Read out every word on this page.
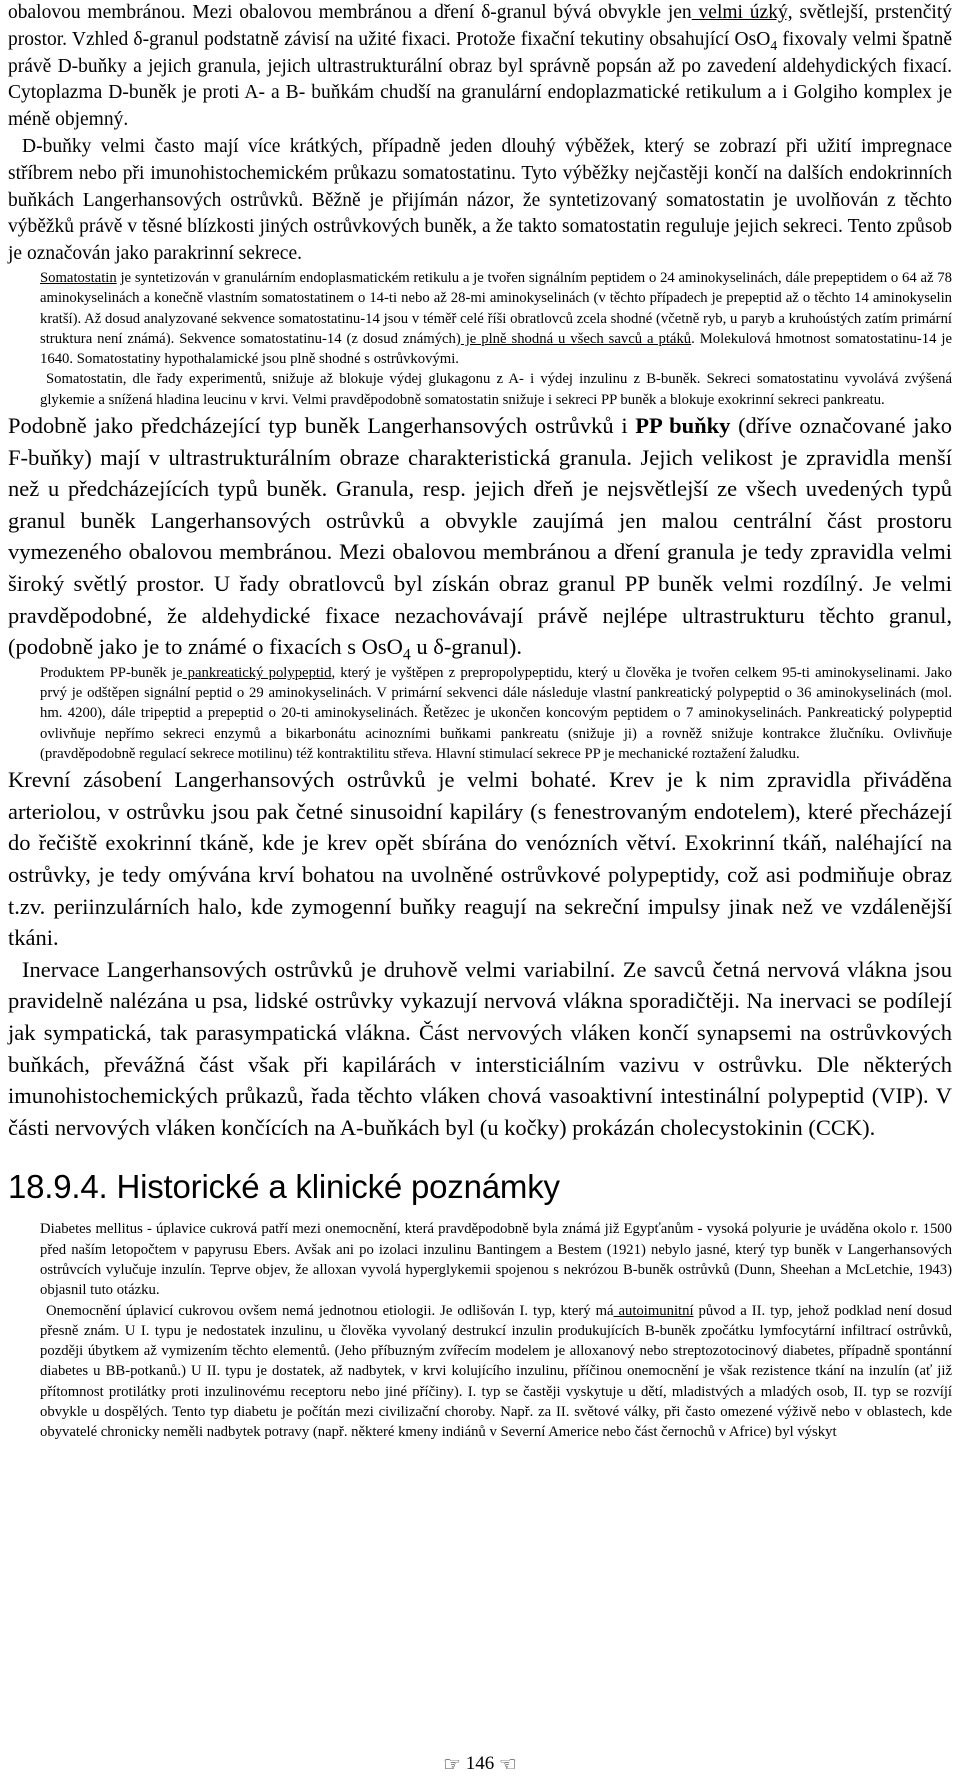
obalovou membránou. Mezi obalovou membránou a dření δ-granul bývá obvykle jen velmi úzký, světlejší, prstenčitý prostor. Vzhled δ-granul podstatně závisí na užité fixaci. Protože fixační tekutiny obsahující OsO$_4$ fixovaly velmi špatně právě D-buňky a jejich granula, jejich ultrastrukturální obraz byl správně popsán až po zavedení aldehydických fixací. Cytoplazma D-buněk je proti A- a B- buňkám chudší na granulární endoplazmatické retikulum a i Golgiho komplex je méně objemný.

D-buňky velmi často mají více krátkých, případně jeden dlouhý výběžek, který se zobrazí při užití impregnace stříbrem nebo při imunohistochemickém průkazu somatostatinu. Tyto výběžky nejčastěji končí na dalších endokrinních buňkách Langerhansových ostrůvků. Běžně je přijímán názor, že syntetizovaný somatostatin je uvolňován z těchto výběžků právě v těsné blízkosti jiných ostrůvkových buněk, a že takto somatostatin reguluje jejich sekreci. Tento způsob je označován jako parakrinní sekrece.

Somatostatin je syntetizován v granulárním endoplasmatickém retikulu a je tvořen signálním peptidem o 24 aminokyselinách, dále prepeptidem o 64 až 78 aminokyselinách a konečně vlastním somatostatinem o 14-ti nebo až 28-mi aminokyselinách (v těchto případech je prepeptid až o těchto 14 aminokyselin kratší). Až dosud analyzované sekvence somatostatinu-14 jsou v téměř celé říši obratlovců zcela shodné (včetně ryb, u paryb a kruhoústých zatím primární struktura není známá). Sekvence somatostatinu-14 (z dosud známých) je plně shodná u všech savců a ptáků. Molekulová hmotnost somatostatinu-14 je 1640. Somatostatiny hypothalamické jsou plně shodné s ostrůvkovými.

Somatostatin, dle řady experimentů, snižuje až blokuje výdej glukagonu z A- i výdej inzulinu z B-buněk. Sekreci somatostatinu vyvolává zvýšená glykemie a snížená hladina leucinu v krvi. Velmi pravděpodobně somatostatin snižuje i sekreci PP buněk a blokuje exokrinní sekreci pankreatu.

Podobně jako předcházející typ buněk Langerhansových ostrůvků i PP buňky (dříve označované jako F-buňky) mají v ultrastrukturálním obraze charakteristická granula. Jejich velikost je zpravidla menší než u předcházejících typů buněk. Granula, resp. jejich dřeň je nejsvětlejší ze všech uvedených typů granul buněk Langerhansových ostrůvků a obvykle zaujímá jen malou centrální část prostoru vymezeného obalovou membránou. Mezi obalovou membránou a dření granula je tedy zpravidla velmi široký světlý prostor. U řady obratlovců byl získán obraz granul PP buněk velmi rozdílný. Je velmi pravděpodobné, že aldehydické fixace nezachovávají právě nejlépe ultrastrukturu těchto granul, (podobně jako je to známé o fixacích s OsO$_4$ u δ-granul).

Produktem PP-buněk je pankreatický polypeptid, který je vyštěpen z prepropolypeptidu, který u člověka je tvořen celkem 95-ti aminokyselinami. Jako prvý je odštěpen signální peptid o 29 aminokyselinách. V primární sekvenci dále následuje vlastní pankreatický polypeptid o 36 aminokyselinách (mol. hm. 4200), dále tripeptid a prepeptid o 20-ti aminokyselinách. Řetězec je ukončen koncovým peptidem o 7 aminokyselinách. Pankreatický polypeptid ovlivňuje nepřímo sekreci enzymů a bikarbonátu acinozními buňkami pankreatu (snižuje ji) a rovněž snižuje kontrakce žlučníku. Ovlivňuje (pravděpodobně regulací sekrece motilinu) též kontraktilitu střeva. Hlavní stimulací sekrece PP je mechanické roztažení žaludku.

Krevní zásobení Langerhansových ostrůvků je velmi bohaté. Krev je k nim zpravidla přiváděna arteriolou, v ostrůvku jsou pak četné sinusoidní kapiláry (s fenestrovaným endotelem), které přecházejí do řečiště exokrinní tkáně, kde je krev opět sbírána do venózních větví. Exokrinní tkáň, naléhající na ostrůvky, je tedy omývána krví bohatou na uvolněné ostrůvkové polypeptidy, což asi podmiňuje obraz t.zv. periinzulárních halo, kde zymogenní buňky reagují na sekreční impulsy jinak než ve vzdálenější tkáni.

Inervace Langerhansových ostrůvků je druhově velmi variabilní. Ze savců četná nervová vlákna jsou pravidelně nalézána u psa, lidské ostrůvky vykazují nervová vlákna sporadičtěji. Na inervaci se podílejí jak sympatická, tak parasympatická vlákna. Část nervových vláken končí synapsemi na ostrůvkových buňkách, převážná část však při kapilárách v intersticiálním vazivu v ostrůvku. Dle některých imunohistochemických průkazů, řada těchto vláken chová vasoaktivní intestinální polypeptid (VIP). V části nervových vláken končících na A-buňkách byl (u kočky) prokázán cholecystokinin (CCK).

18.9.4. Historické a klinické poznámky

Diabetes mellitus - úplavice cukrová patří mezi onemocnění, která pravděpodobně byla známá již Egypťanům - vysoká polyurie je uváděna okolo r. 1500 před naším letopočtem v papyrusu Ebers. Avšak ani po izolaci inzulinu Bantingem a Bestem (1921) nebylo jasné, který typ buněk v Langerhansových ostrůvcích vylučuje inzulín. Teprve objev, že alloxan vyvolá hyperglykemii spojenou s nekrózou B-buněk ostrůvků (Dunn, Sheehan a McLetchie, 1943) objasnil tuto otázku.

Onemocnění úplavicí cukrovou ovšem nemá jednotnou etiologii. Je odlišován I. typ, který má autoimunitní původ a II. typ, jehož podklad není dosud přesně znám. U I. typu je nedostatek inzulinu, u člověka vyvolaný destrukcí inzulin produkujících B-buněk zpočátku lymfocytární infiltrací ostrůvků, později úbytkem až vymizením těchto elementů. (Jeho příbuzným zvířecím modelem je alloxanový nebo streptozotocinový diabetes, případně spontánní diabetes u BB-potkanů.) U II. typu je dostatek, až nadbytek, v krvi kolujícího inzulinu, příčinou onemocnění je však rezistence tkání na inzulín (ať již přítomnost protilátky proti inzulinovému receptoru nebo jiné příčiny). I. typ se častěji vyskytuje u dětí, mladistvých a mladých osob, II. typ se rozvíjí obvykle u dospělých. Tento typ diabetu je počítán mezi civilizační choroby. Např. za II. světové války, při často omezené výživě nebo v oblastech, kde obyvatelé chronicky neměli nadbytek potravy (např. některé kmeny indiánů v Severní Americe nebo část černochů v Africe) byl výskyt

☞ 146 ☜
